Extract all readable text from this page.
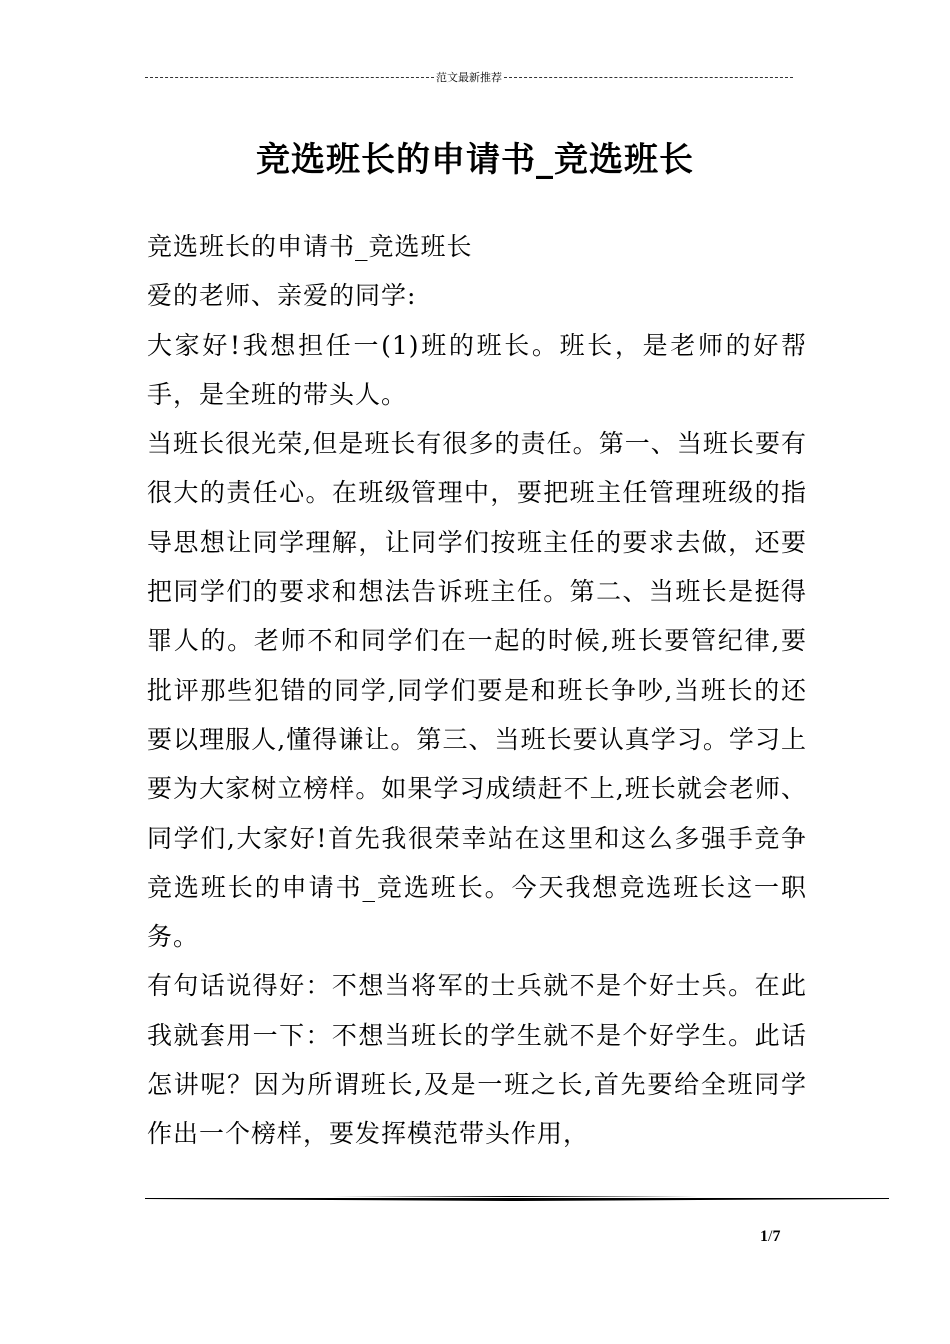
范文最新推荐
竞选班长的申请书_竞选班长

竞选班长的申请书_竞选班长

爱的老师、亲爱的同学:

大家好!我想担任一(1)班的班长。班长，是老师的好帮手，是全班的带头人。

当班长很光荣,但是班长有很多的责任。第一、当班长要有很大的责任心。在班级管理中，要把班主任管理班级的指导思想让同学理解，让同学们按班主任的要求去做，还要把同学们的要求和想法告诉班主任。第二、当班长是挺得罪人的。老师不和同学们在一起的时候,班长要管纪律,要批评那些犯错的同学,同学们要是和班长争吵,当班长的还要以理服人,懂得谦让。第三、当班长要认真学习。学习上要为大家树立榜样。如果学习成绩赶不上,班长就会老师、同学们,大家好!首先我很荣幸站在这里和这么多强手竞争竞选班长的申请书_竞选班长。今天我想竞选班长这一职务。

有句话说得好：不想当将军的士兵就不是个好士兵。在此我就套用一下：不想当班长的学生就不是个好学生。此话怎讲呢？因为所谓班长,及是一班之长,首先要给全班同学作出一个榜样，要发挥模范带头作用，

1/7
